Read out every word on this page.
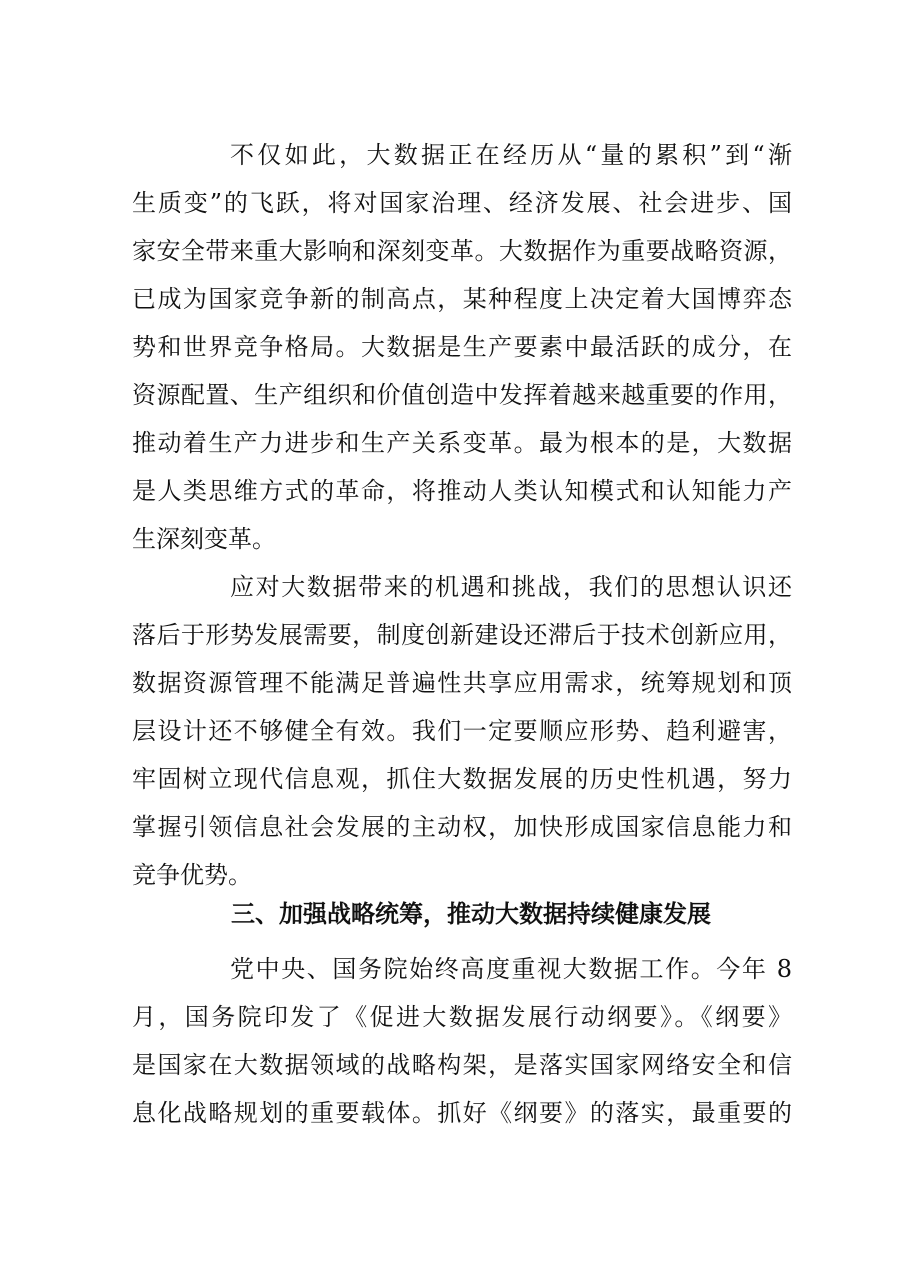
不仅如此，大数据正在经历从“量的累积”到“渐
生质变”的飞跃，将对国家治理、经济发展、社会进步、国
家安全带来重大影响和深刻变革。大数据作为重要战略资源，
已成为国家竞争新的制高点，某种程度上决定着大国博弈态
势和世界竞争格局。大数据是生产要素中最活跃的成分，在
资源配置、生产组织和价值创造中发挥着越来越重要的作用，
推动着生产力进步和生产关系变革。最为根本的是，大数据
是人类思维方式的革命，将推动人类认知模式和认知能力产
生深刻变革。
应对大数据带来的机遇和挑战，我们的思想认识还
落后于形势发展需要，制度创新建设还滞后于技术创新应用，
数据资源管理不能满足普遍性共享应用需求，统筹规划和顶
层设计还不够健全有效。我们一定要顺应形势、趋利避害，
牢固树立现代信息观，抓住大数据发展的历史性机遇，努力
掌握引领信息社会发展的主动权，加快形成国家信息能力和
竞争优势。
三、加强战略统筹，推动大数据持续健康发展
党中央、国务院始终高度重视大数据工作。今年 8
月，国务院印发了《促进大数据发展行动纲要》。《纲要》
是国家在大数据领域的战略构架，是落实国家网络安全和信
息化战略规划的重要载体。抓好《纲要》的落实，最重要的
